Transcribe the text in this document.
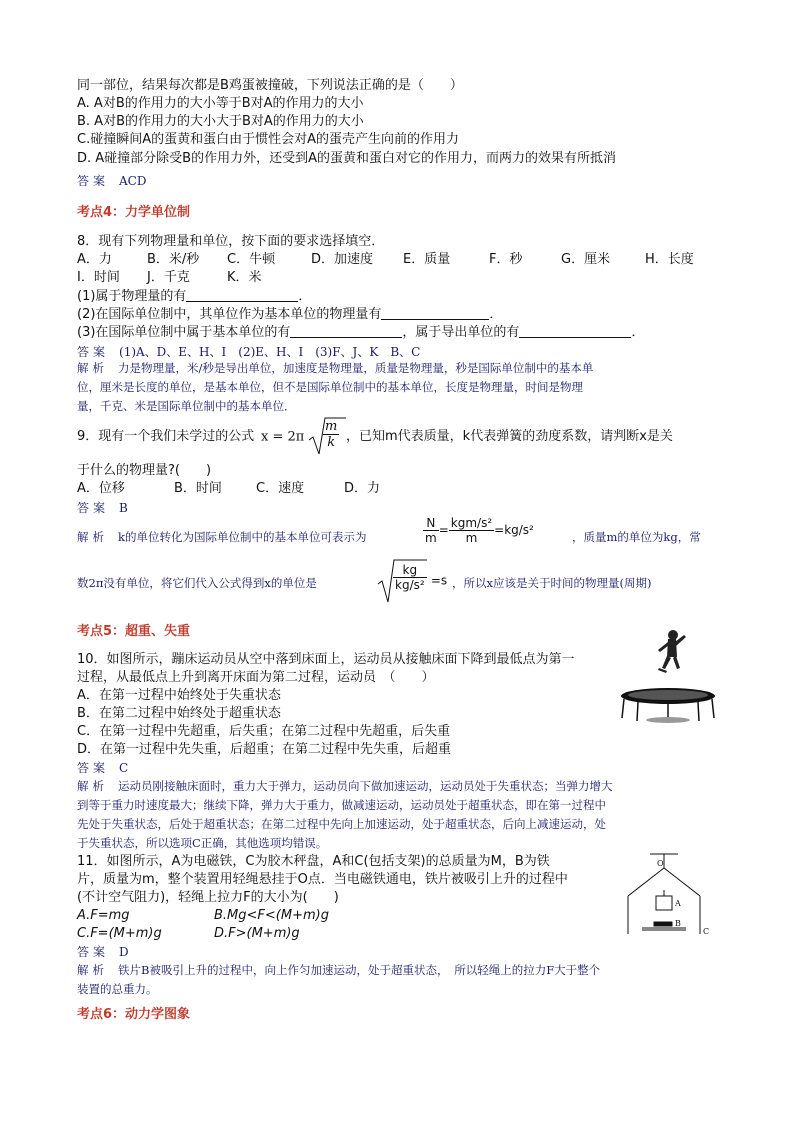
同一部位，结果每次都是B鸡蛋被撞破，下列说法正确的是（　　）
A. A对B的作用力的大小等于B对A的作用力的大小
B. A对B的作用力的大小大于B对A的作用力的大小
C.碰撞瞬间A的蛋黄和蛋白由于惯性会对A的蛋壳产生向前的作用力
D. A碰撞部分除受B的作用力外，还受到A的蛋黄和蛋白对它的作用力，而两力的效果有所抵消
答案 ACD
考点4：力学单位制
8．现有下列物理量和单位，按下面的要求选择填空．
A．力	B．米/秒 C．牛顿	D．加速度 E．质量	F．秒	G．厘米	H．长度
I．时间 J．千克	K．米
(1)属于物理量的有	．
(2)在国际单位制中，其单位作为基本单位的物理量有	．
(3)在国际单位制中属于基本单位的有	，属于导出单位的有	．
答案 (1)A、D、E、H、I　(2)E、H、I　(3)F、J、K　B、C
解析 力是物理量，米/秒是导出单位，加速度是物理量，质量是物理量，秒是国际单位制中的基本单
位，厘米是长度的单位，是基本单位，但不是国际单位制中的基本单位，长度是物理量，时间是物理
量，千克、米是国际单位制中的基本单位．
9．现有一个我们未学过的公式 $x = 2\pi \frac{m}{k}$ ，已知m代表质量，k代表弹簧的劲度系数，请判断x是关
于什么的物理量?(　　)
A．位移	B．时间	C．速度	D．力
答案 B
解析 k的单位转化为国际单位制中的基本单位可表示为	$\frac{N}{m} = \frac{\text{kgm/s²}}{m} =kg/s^2$	，质量m的单位为kg，常
数2π没有单位，将它们代入公式得到x的单位是
	$\frac{kg}{\text{kg/s²}} =s$ ，所以x应该是关于时间的物理量(周期)
考点5：超重、失重
10．如图所示，蹦床运动员从空中落到床面上，运动员从接触床面下降到最低点为第一
过程，从最低点上升到离开床面为第二过程，运动员　（　　）
A．在第一过程中始终处于失重状态
B．在第二过程中始终处于超重状态
C．在第一过程中先超重，后失重；在第二过程中先超重，后失重
D．在第一过程中先失重，后超重；在第二过程中先失重，后超重
答案 C
解析 运动员刚接触床面时，重力大于弹力，运动员向下做加速运动，运动员处于失重状态；当弹力增大
到等于重力时速度最大；继续下降，弹力大于重力，做减速运动，运动员处于超重状态，即在第一过程中
先处于失重状态，后处于超重状态；在第二过程中先向上加速运动，处于超重状态，后向上减速运动，处
于失重状态，所以选项C正确，其他选项均错误。
11．如图所示，A为电磁铁，C为胶木秤盘，A和C(包括支架)的总质量为M，B为铁
片，质量为m，整个装置用轻绳悬挂于O点．当电磁铁通电，铁片被吸引上升的过程中
(不计空气阻力)，轻绳上拉力F的大小为(　　)
A.F=mg	B.Mg<F<(M+m)g
C.F=(M+m)g	D.F>(M+m)g
答案 D
解析 铁片B被吸引上升的过程中，向上作匀加速运动，处于超重状态，　所以轻绳上的拉力F大于整个
装置的总重力。
O
A
B
C
考点6：动力学图象
